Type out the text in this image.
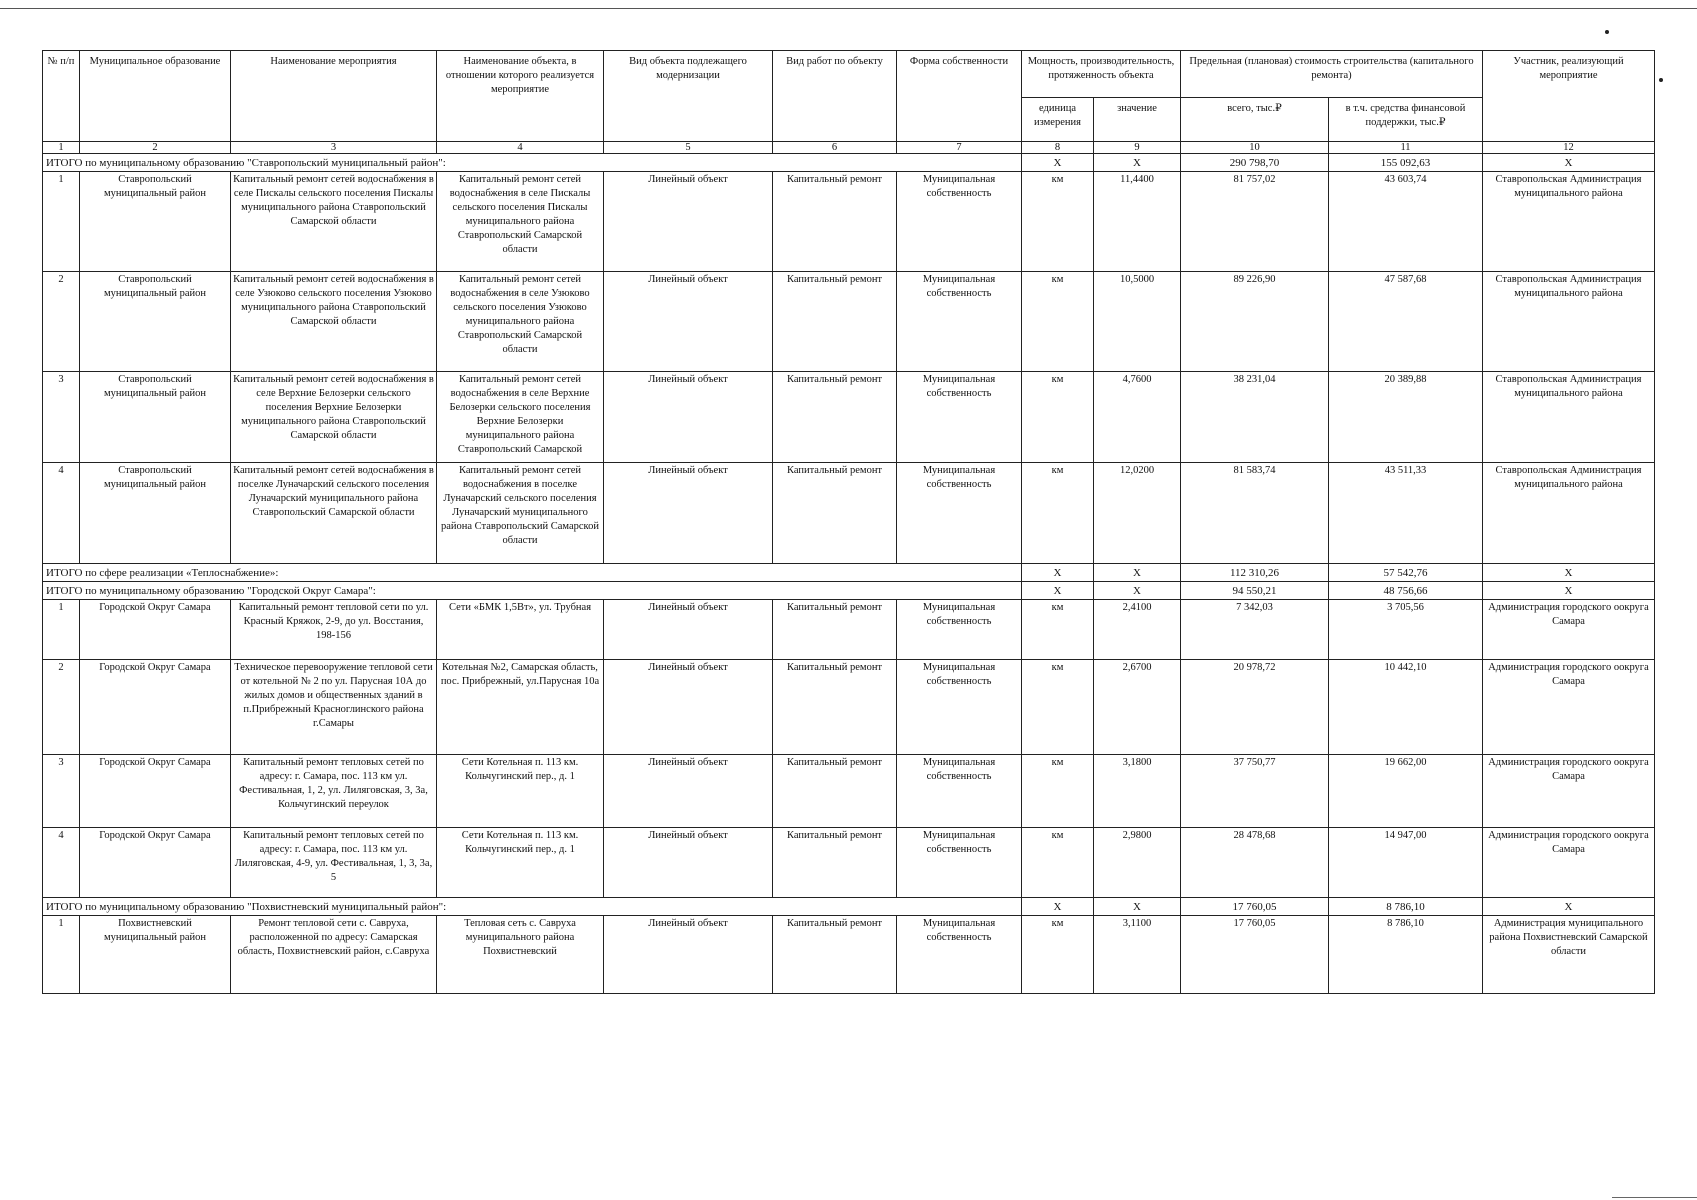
№ п/п	Муниципальное образование	Наименование мероприятия	Наименование объекта, в отношении которого реализуется мероприятие	Вид объекта подлежащего модернизации	Вид работ по объекту	Форма собственности	Мощность, производительность, протяженность объекта		Предельная (плановая) стоимость строительства (капитального ремонта)		Участник, реализующий мероприятие
							единица измерения	значение	всего, тыс.₽	в т.ч. средства финансовой поддержки, тыс.₽	
1	2	3	4	5	6	7	8	9	10	11	12
ИТОГО по муниципальному образованию "Ставропольский муниципальный район":							X	X	290 798,70	155 092,63	X
1	Ставропольский муниципальный район	Капитальный ремонт сетей водоснабжения в селе Пискалы сельского поселения Пискалы муниципального района Ставропольский Самарской области	Капитальный ремонт сетей водоснабжения в селе Пискалы сельского поселения Пискалы муниципального района Ставропольский Самарской области	Линейный объект	Капитальный ремонт	Муниципальная собственность	км	11,4400	81 757,02	43 603,74	Ставропольская Администрация муниципального района
2	Ставропольский муниципальный район	Капитальный ремонт сетей водоснабжения в селе Узюково сельского поселения Узюково муниципального района Ставропольский Самарской области	Капитальный ремонт сетей водоснабжения в селе Узюково сельского поселения Узюково муниципального района Ставропольский Самарской области	Линейный объект	Капитальный ремонт	Муниципальная собственность	км	10,5000	89 226,90	47 587,68	Ставропольская Администрация муниципального района
3	Ставропольский муниципальный район	Капитальный ремонт сетей водоснабжения в селе Верхние Белозерки сельского поселения Верхние Белозерки муниципального района Ставропольский Самарской области	Капитальный ремонт сетей водоснабжения в селе Верхние Белозерки сельского поселения Верхние Белозерки муниципального района Ставропольский Самарской	Линейный объект	Капитальный ремонт	Муниципальная собственность	км	4,7600	38 231,04	20 389,88	Ставропольская Администрация муниципального района
4	Ставропольский муниципальный район	Капитальный ремонт сетей водоснабжения в поселке Луначарский сельского поселения Луначарский муниципального района Ставропольский Самарской области	Капитальный ремонт сетей водоснабжения в поселке Луначарский сельского поселения Луначарский муниципального района Ставропольский Самарской области	Линейный объект	Капитальный ремонт	Муниципальная собственность	км	12,0200	81 583,74	43 511,33	Ставропольская Администрация муниципального района
ИТОГО по сфере реализации «Теплоснабжение»:							X	X	112 310,26	57 542,76	X
ИТОГО по муниципальному образованию "Городской Округ Самара":							X	X	94 550,21	48 756,66	X
1	Городской Округ Самара	Капитальный ремонт тепловой сети по ул. Красный Кряжок, 2-9, до ул. Восстания, 198-156	Сети «БМК 1,5Вт», ул. Трубная	Линейный объект	Капитальный ремонт	Муниципальная собственность	км	2,4100	7 342,03	3 705,56	Администрация городского оокруга Самара
2	Городской Округ Самара	Техническое перевооружение тепловой сети от котельной № 2 по ул. Парусная 10А до жилых домов и общественных зданий в п.Прибрежный Красноглинского района г.Самары	Котельная №2, Самарская область, пос. Прибрежный, ул.Парусная 10а	Линейный объект	Капитальный ремонт	Муниципальная собственность	км	2,6700	20 978,72	10 442,10	Администрация городского оокруга Самара
3	Городской Округ Самара	Капитальный ремонт тепловых сетей по адресу: г. Самара, пос. 113 км ул. Фестивальная, 1, 2, ул. Лиляговская, 3, 3а, Кольчугинский переулок	Сети Котельная п. 113 км. Кольчугинский пер., д. 1	Линейный объект	Капитальный ремонт	Муниципальная собственность	км	3,1800	37 750,77	19 662,00	Администрация городского оокруга Самара
4	Городской Округ Самара	Капитальный ремонт тепловых сетей по адресу: г. Самара, пос. 113 км ул. Лиляговская, 4-9, ул. Фестивальная, 1, 3, 3а, 5	Сети Котельная п. 113 км. Кольчугинский пер., д. 1	Линейный объект	Капитальный ремонт	Муниципальная собственность	км	2,9800	28 478,68	14 947,00	Администрация городского оокруга Самара
ИТОГО по муниципальному образованию "Похвистневский муниципальный район":							X	X	17 760,05	8 786,10	X
1	Похвистневский муниципальный район	Ремонт тепловой сети с. Савруха, расположенной по адресу: Самарская область, Похвистневский район, с.Савруха	Тепловая сеть с. Савруха муниципального района Похвистневский	Линейный объект	Капитальный ремонт	Муниципальная собственность	км	3,1100	17 760,05	8 786,10	Администрация муниципального района Похвистневский Самарской области
